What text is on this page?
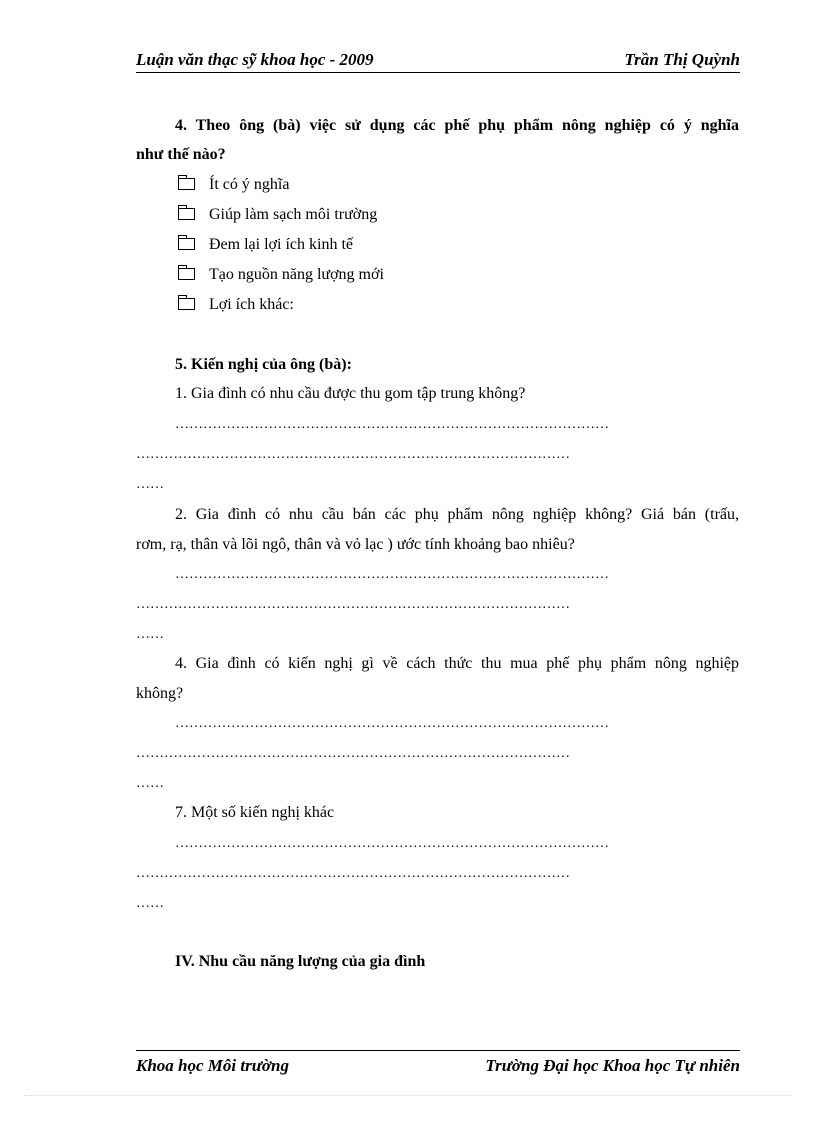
Luận văn thạc sỹ khoa học - 2009	Trần Thị Quỳnh
4. Theo ông (bà) việc sử dụng các phế phụ phẩm nông nghiệp có ý nghĩa
như thế nào?
Ít có ý nghĩa
Giúp làm sạch môi trường
Đem lại lợi ích kinh tế
Tạo nguồn năng lượng mới
Lợi ích khác:
5. Kiến nghị của ông (bà):
1. Gia đình có nhu cầu được thu gom tập trung không?
…………………………………………………………………………………
…………………………………………………………………………………
……
2. Gia đình có nhu cầu bán các phụ phẩm nông nghiệp không? Giá bán (trấu,
rơm, rạ, thân và lõi ngô, thân và vỏ lạc ) ước tính khoảng bao nhiêu?
…………………………………………………………………………………
…………………………………………………………………………………
……
4. Gia đình có kiến nghị gì về cách thức thu mua phế phụ phẩm nông nghiệp
không?
…………………………………………………………………………………
…………………………………………………………………………………
……
7. Một số kiến nghị khác
…………………………………………………………………………………
…………………………………………………………………………………
……
IV. Nhu cầu năng lượng của gia đình
Khoa học Môi trường	Trường Đại học Khoa học Tự nhiên
